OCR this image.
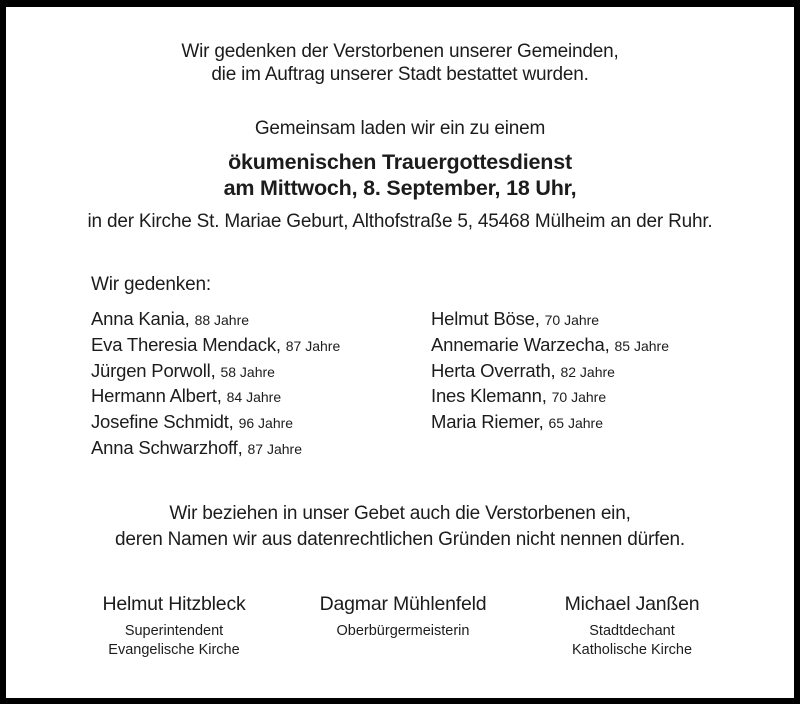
Wir gedenken der Verstorbenen unserer Gemeinden,
die im Auftrag unserer Stadt bestattet wurden.
Gemeinsam laden wir ein zu einem
ökumenischen Trauergottesdienst
am Mittwoch, 8. September, 18 Uhr,
in der Kirche St. Mariae Geburt, Althofstraße 5, 45468 Mülheim an der Ruhr.
Wir gedenken:
Anna Kania, 88 Jahre
Eva Theresia Mendack, 87 Jahre
Jürgen Porwoll, 58 Jahre
Hermann Albert, 84 Jahre
Josefine Schmidt, 96 Jahre
Anna Schwarzhoff, 87 Jahre
Helmut Böse, 70 Jahre
Annemarie Warzecha, 85 Jahre
Herta Overrath, 82 Jahre
Ines Klemann, 70 Jahre
Maria Riemer, 65 Jahre
Wir beziehen in unser Gebet auch die Verstorbenen ein,
deren Namen wir aus datenrechtlichen Gründen nicht nennen dürfen.
Helmut Hitzbleck
Superintendent
Evangelische Kirche
Dagmar Mühlenfeld
Oberbürgermeisterin
Michael Janßen
Stadtdechant
Katholische Kirche
